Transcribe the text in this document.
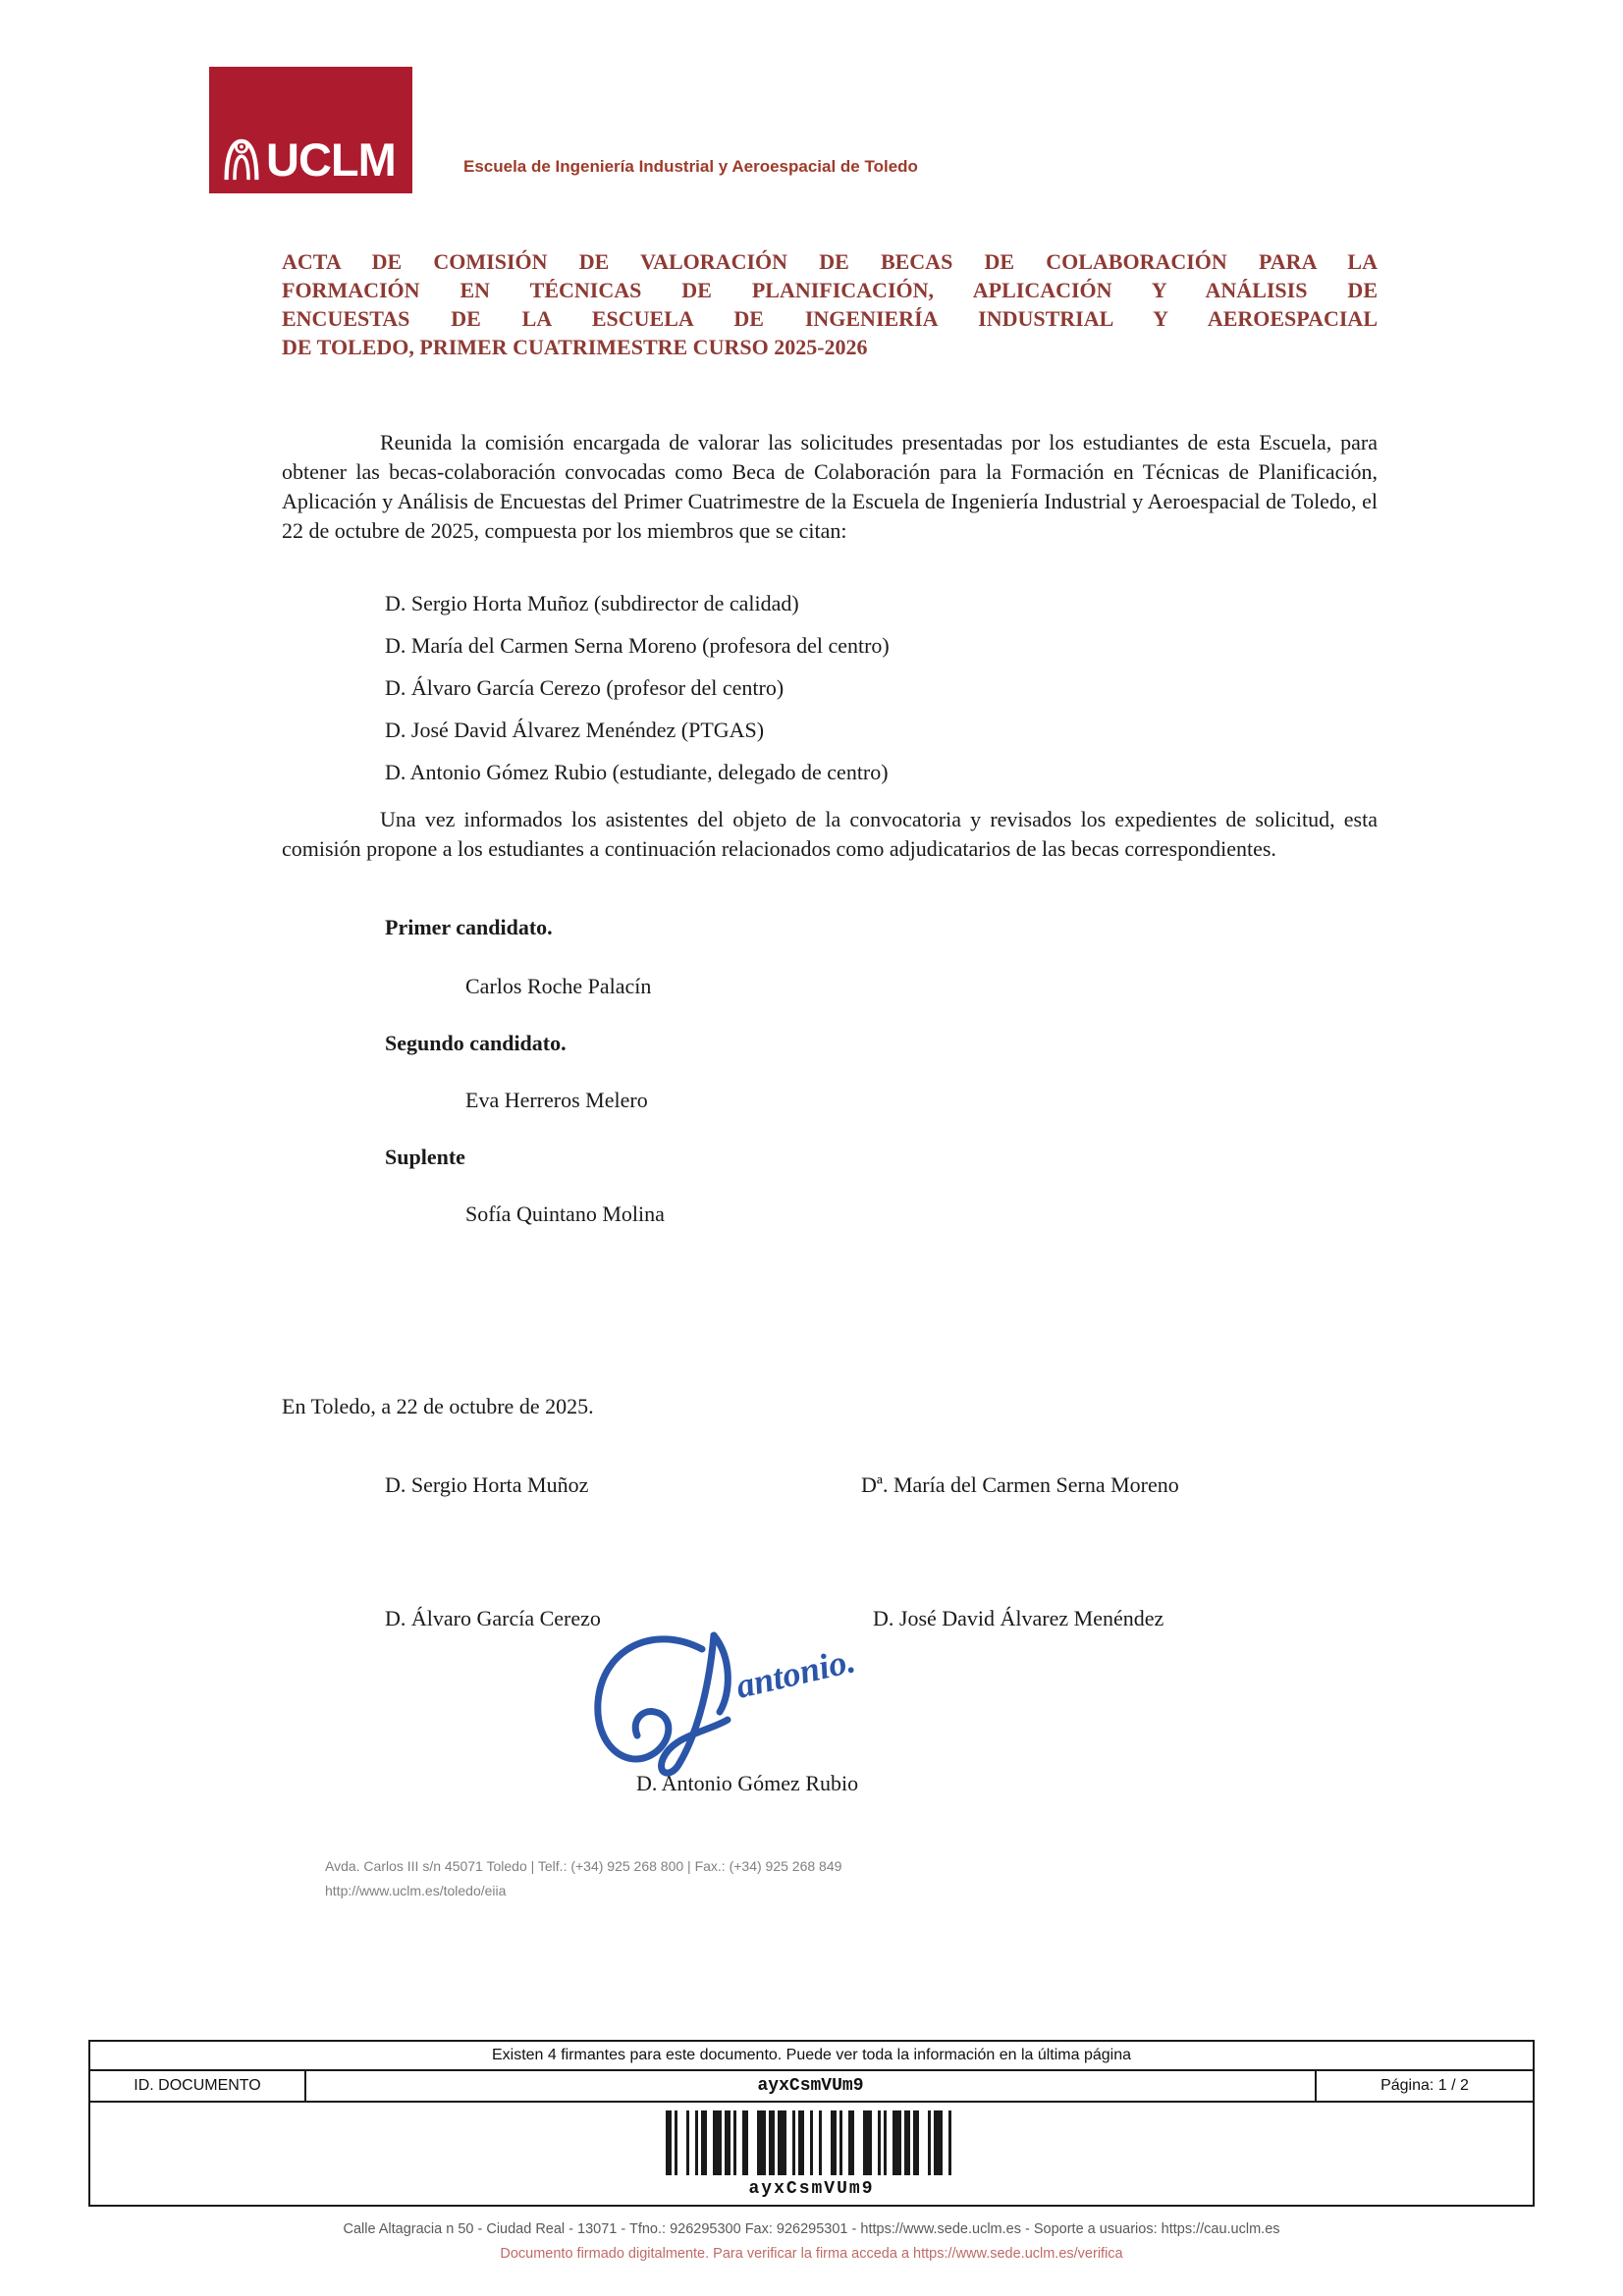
UCLM	Escuela de Ingeniería Industrial y Aeroespacial de Toledo
ACTA DE COMISIÓN DE VALORACIÓN DE BECAS DE COLABORACIÓN PARA LA
FORMACIÓN EN TÉCNICAS DE PLANIFICACIÓN, APLICACIÓN Y ANÁLISIS DE
ENCUESTAS DE LA ESCUELA DE INGENIERÍA INDUSTRIAL Y AEROESPACIAL
DE TOLEDO, PRIMER CUATRIMESTRE CURSO 2025-2026
Reunida la comisión encargada de valorar las solicitudes presentadas por los estudiantes de esta Escuela, para obtener las becas-colaboración convocadas como Beca de Colaboración para la Formación en Técnicas de Planificación, Aplicación y Análisis de Encuestas del Primer Cuatrimestre de la Escuela de Ingeniería Industrial y Aeroespacial de Toledo, el 22 de octubre de 2025, compuesta por los miembros que se citan:
D. Sergio Horta Muñoz (subdirector de calidad)
D. María del Carmen Serna Moreno (profesora del centro)
D. Álvaro García Cerezo (profesor del centro)
D. José David Álvarez Menéndez (PTGAS)
D. Antonio Gómez Rubio (estudiante, delegado de centro)
Una vez informados los asistentes del objeto de la convocatoria y revisados los expedientes de solicitud, esta comisión propone a los estudiantes a continuación relacionados como adjudicatarios de las becas correspondientes.
Primer candidato.
Carlos Roche Palacín
Segundo candidato.
Eva Herreros Melero
Suplente
Sofía Quintano Molina
En Toledo, a 22 de octubre de 2025.
D. Sergio Horta Muñoz	Dª. María del Carmen Serna Moreno
D. Álvaro García Cerezo	D. José David Álvarez Menéndez
antonio.
D. Antonio Gómez Rubio
Avda. Carlos III s/n 45071 Toledo | Telf.: (+34) 925 268 800 | Fax.: (+34) 925 268 849
http://www.uclm.es/toledo/eiia
Existen 4 firmantes para este documento. Puede ver toda la información en la última página
ID. DOCUMENTO	ayxCsmVUm9	Página: 1 / 2
ayxCsmVUm9
Calle Altagracia n 50 - Ciudad Real - 13071 - Tfno.: 926295300 Fax: 926295301 - https://www.sede.uclm.es - Soporte a usuarios: https://cau.uclm.es
Documento firmado digitalmente. Para verificar la firma acceda a https://www.sede.uclm.es/verifica
